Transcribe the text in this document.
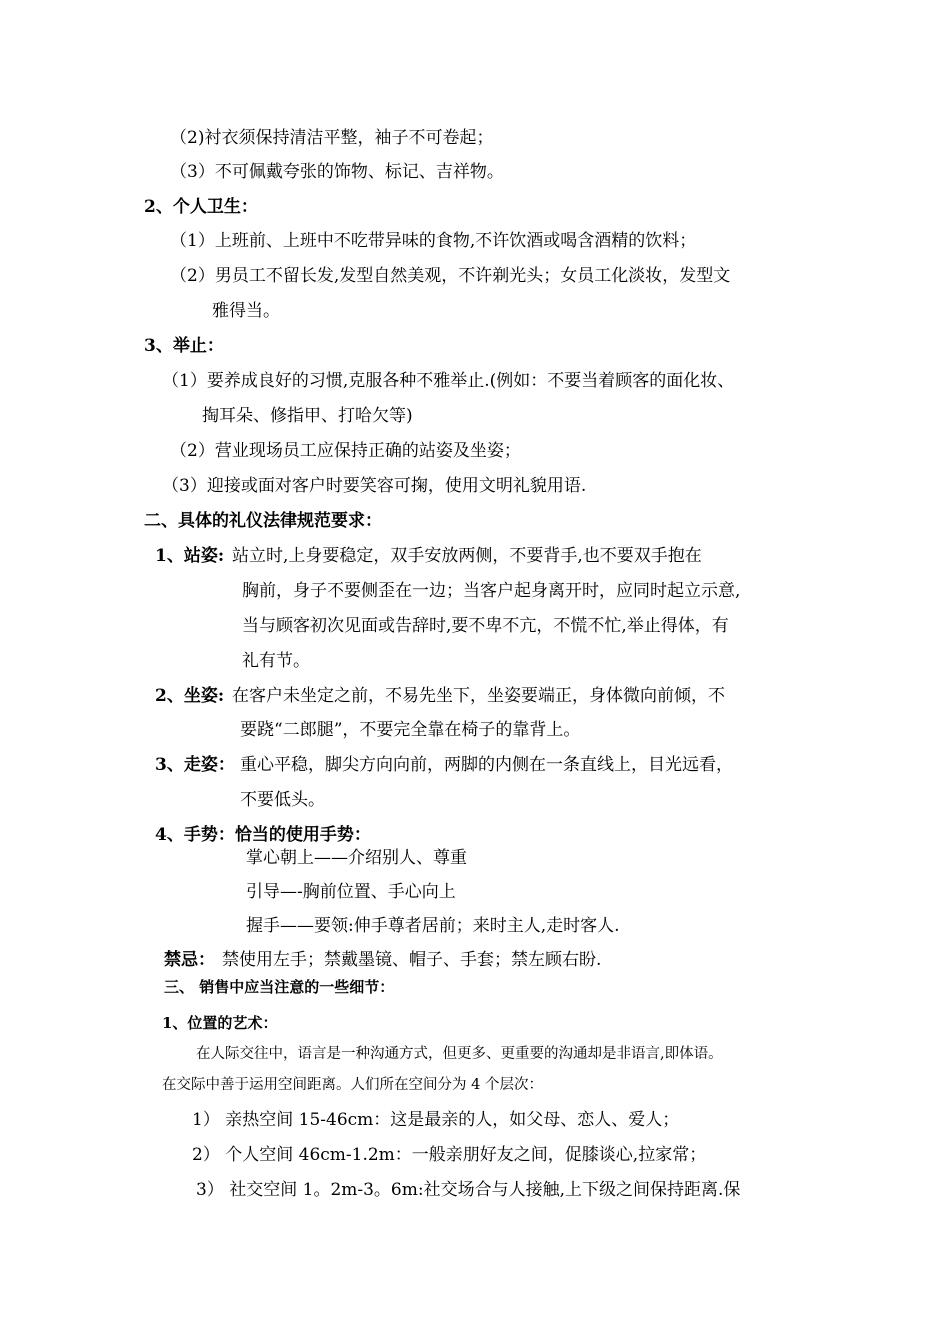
（2)衬衣须保持清洁平整，袖子不可卷起；
（3）不可佩戴夸张的饰物、标记、吉祥物。
2、个人卫生：
（1）上班前、上班中不吃带异味的食物,不许饮酒或喝含酒精的饮料；
（2）男员工不留长发,发型自然美观，不许剃光头；女员工化淡妆，发型文
雅得当。
3、举止：
（1）要养成良好的习惯,克服各种不雅举止.(例如：不要当着顾客的面化妆、
掏耳朵、修指甲、打哈欠等)
（2）营业现场员工应保持正确的站姿及坐姿；
（3）迎接或面对客户时要笑容可掬，使用文明礼貌用语.
二、具体的礼仪法律规范要求：
1、站姿: 站立时,上身要稳定，双手安放两侧，不要背手,也不要双手抱在
胸前，身子不要侧歪在一边；当客户起身离开时，应同时起立示意,
当与顾客初次见面或告辞时,要不卑不亢，不慌不忙,举止得体，有
礼有节。
2、坐姿: 在客户未坐定之前，不易先坐下，坐姿要端正，身体微向前倾，不
要跷“二郎腿”，不要完全靠在椅子的靠背上。
3、走姿： 重心平稳，脚尖方向向前，两脚的内侧在一条直线上，目光远看，
不要低头。
4、手势：恰当的使用手势：
掌心朝上——介绍别人、尊重
引导—-胸前位置、手心向上
握手——要领:伸手尊者居前；来时主人,走时客人.
禁忌： 禁使用左手；禁戴墨镜、帽子、手套；禁左顾右盼.
三、 销售中应当注意的一些细节：
1、位置的艺术：
在人际交往中，语言是一种沟通方式，但更多、更重要的沟通却是非语言,即体语。
在交际中善于运用空间距离。人们所在空间分为 4 个层次：
1） 亲热空间 15-46cm：这是最亲的人，如父母、恋人、爱人；
2） 个人空间 46cm-1.2m：一般亲朋好友之间，促膝谈心,拉家常；
3） 社交空间 1。2m-3。6m:社交场合与人接触,上下级之间保持距离.保
